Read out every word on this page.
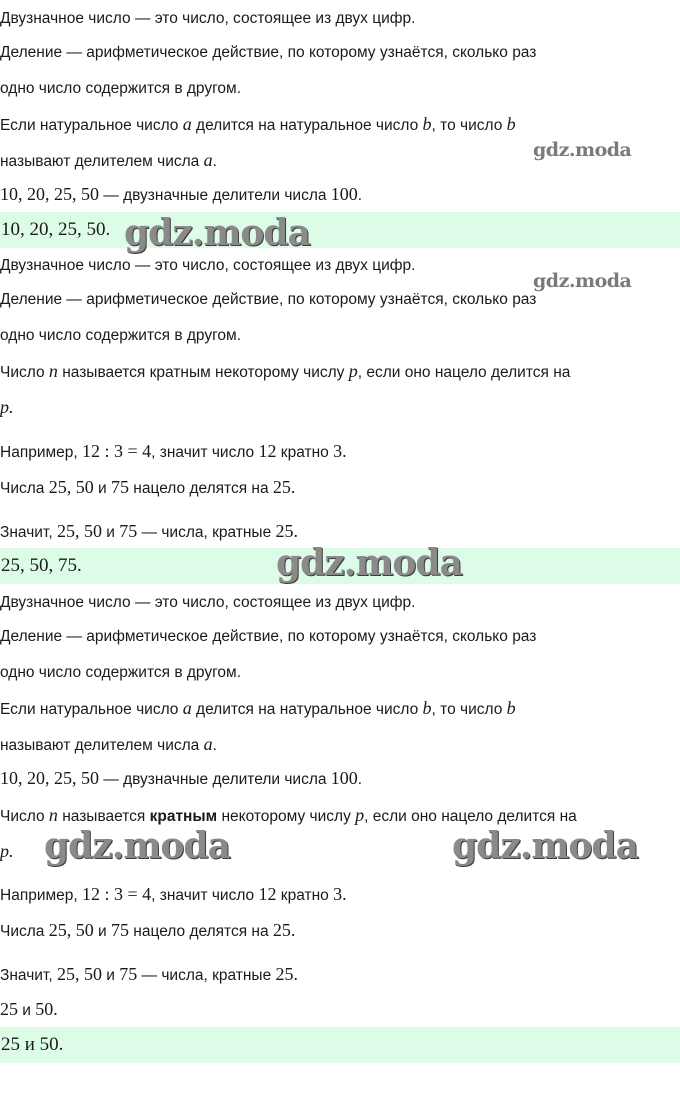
Двузначное число — это число, состоящее из двух цифр.
Деление — арифметическое действие, по которому узнаётся, сколько раз
одно число содержится в другом.
Если натуральное число a делится на натуральное число b, то число b
называют делителем числа a.
gdz.moda
10, 20, 25, 50 — двузначные делители числа 100.
10, 20, 25, 50. gdz.moda
Двузначное число — это число, состоящее из двух цифр.
gdz.moda
Деление — арифметическое действие, по которому узнаётся, сколько раз
одно число содержится в другом.
Число n называется кратным некоторому числу p, если оно нацело делится на
p.
Например, 12 : 3 = 4, значит число 12 кратно 3.
Числа 25, 50 и 75 нацело делятся на 25.
Значит, 25, 50 и 75 — числа, кратные 25.
25, 50, 75.	gdz.moda
Двузначное число — это число, состоящее из двух цифр.
Деление — арифметическое действие, по которому узнаётся, сколько раз
одно число содержится в другом.
Если натуральное число a делится на натуральное число b, то число b
называют делителем числа a.
10, 20, 25, 50 — двузначные делители числа 100.
Число n называется кратным некоторому числу p, если оно нацело делится на
p. gdz.moda	gdz.moda
Например, 12 : 3 = 4, значит число 12 кратно 3.
Числа 25, 50 и 75 нацело делятся на 25.
Значит, 25, 50 и 75 — числа, кратные 25.
25 и 50.
25 и 50.
